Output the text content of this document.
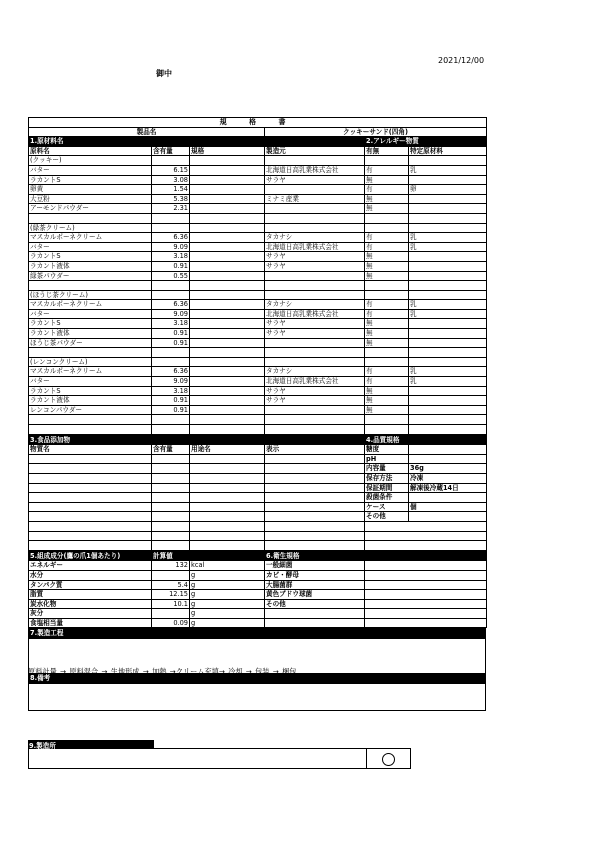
2021/12/00
御中
規 格 書					
製品名			クッキーサンド(四角)		
1.原材料名				2.アレルギー物質	
原料名	含有量	規格	製造元	有無	特定原材料
(クッキー)					
バター	6.15		北海道日高乳業株式会社	有	乳
ラカントS	3.08		サラヤ	無	
卵黄	1.54			有	卵
大豆粉	5.38		ミナミ産業	無	
アーモンドパウダー	2.31			無	

(緑茶クリーム)					
マスカルポーネクリーム	6.36		タカナシ	有	乳
バター	9.09		北海道日高乳業株式会社	有	乳
ラカントS	3.18		サラヤ	無	
ラカント液体	0.91		サラヤ	無	
緑茶パウダー	0.55			無	

(ほうじ茶クリーム)					
マスカルポーネクリーム	6.36		タカナシ	有	乳
バター	9.09		北海道日高乳業株式会社	有	乳
ラカントS	3.18		サラヤ	無	
ラカント液体	0.91		サラヤ	無	
ほうじ茶パウダー	0.91			無	

(レンコンクリーム)					
マスカルポーネクリーム	6.36		タカナシ	有	乳
バター	9.09		北海道日高乳業株式会社	有	乳
ラカントS	3.18		サラヤ	無	
ラカント液体	0.91		サラヤ	無	
レンコンパウダー	0.91			無	

3.食品添加物				4.品質規格	
物質名	含有量	用途名	表示	糖度	
				pH	
				内容量	36g
				保存方法	冷凍
				保証期間	解凍後冷蔵14日
				殺菌条件	
				ケース	個
				その他	

5.組成成分(鷹の爪1個あたり)	計算値		6.衛生規格	
エネルギー	132	kcal	一般細菌	
水分		g	カビ・酵母	
タンパク質	5.4	g	大腸菌群	
脂質	12.15	g	黄色ブドウ球菌	
炭水化物	10.1	g	その他	
灰分		g		
食塩相当量	0.09	g		
7.製造工程

8.備考

原料計量 → 原料混合 → 生地形成 → 加熱 →クリーム充填→ 冷却 → 包装 → 梱包
9.製造所
